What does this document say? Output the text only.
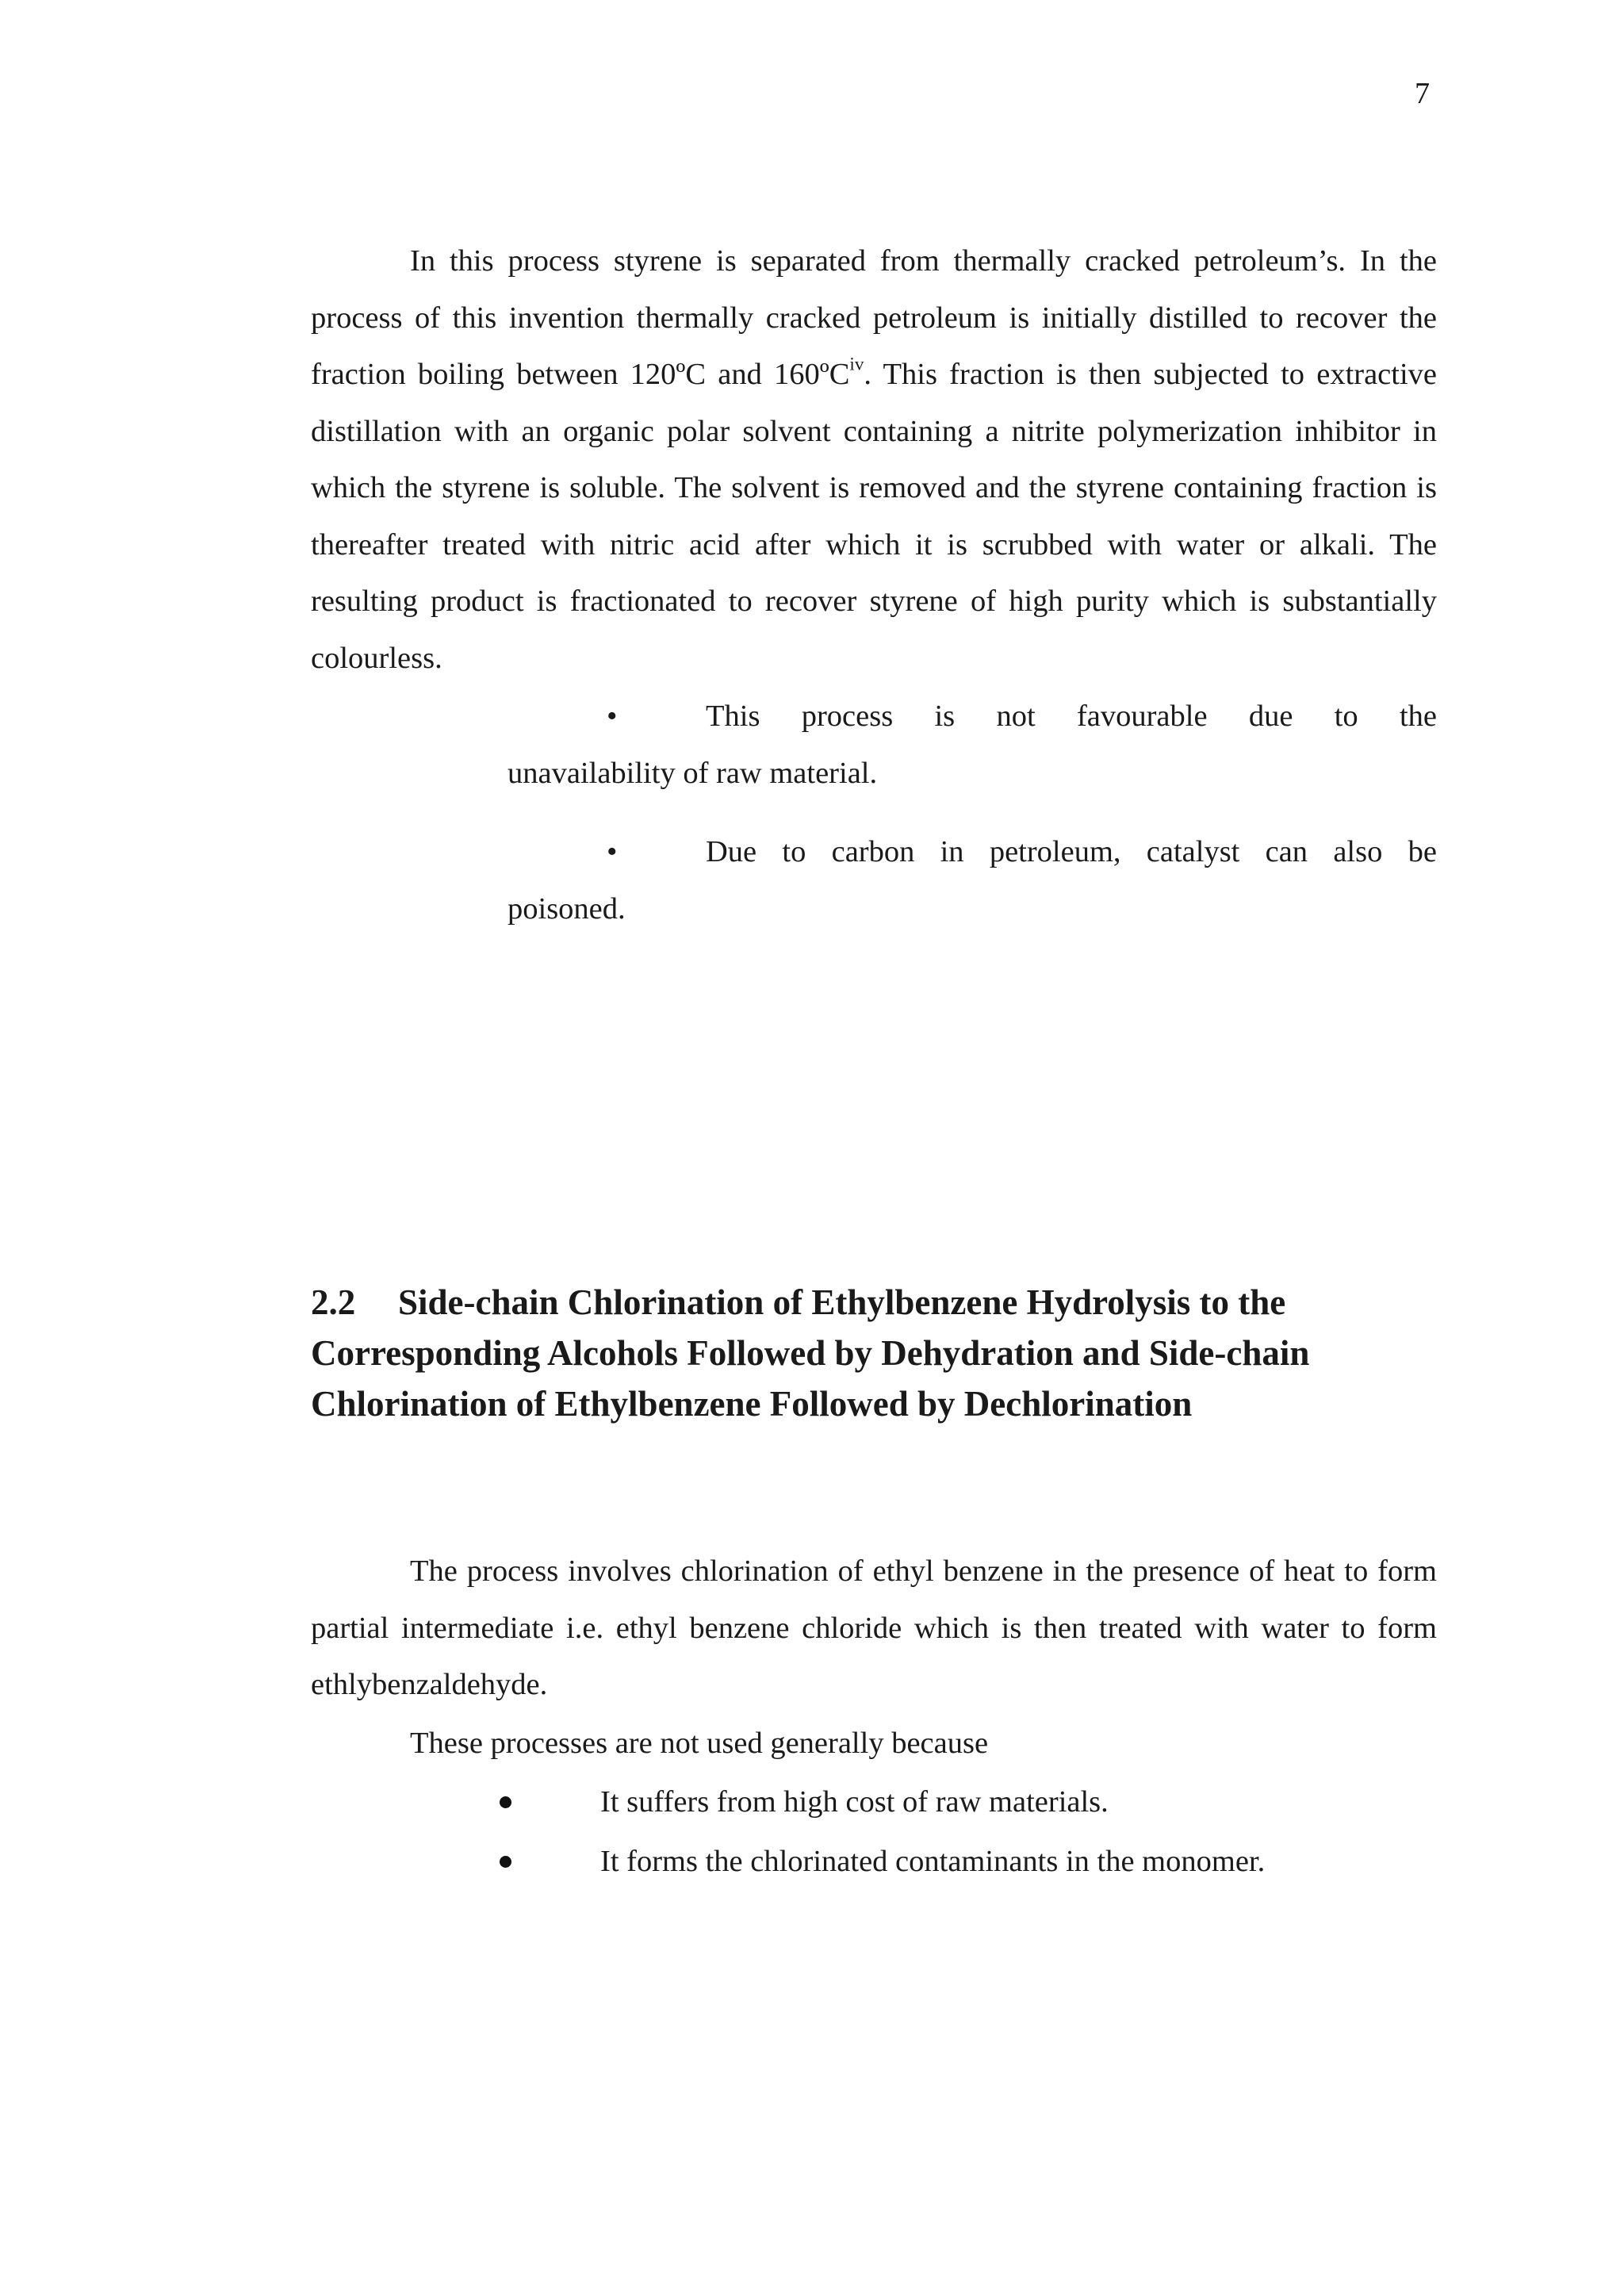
7

In this process styrene is separated from thermally cracked petroleum’s. In the process of this invention thermally cracked petroleum is initially distilled to recover the fraction boiling between 120ºC and 160ºC$^{iv}$. This fraction is then subjected to extractive distillation with an organic polar solvent containing a nitrite polymerization inhibitor in which the styrene is soluble. The solvent is removed and the styrene containing fraction is thereafter treated with nitric acid after which it is scrubbed with water or alkali. The resulting product is fractionated to recover styrene of high purity which is substantially colourless.

•	This process is not favourable due to the
unavailability of raw material.
•	Due to carbon in petroleum, catalyst can also be
poisoned.
2.2 Side-chain Chlorination of Ethylbenzene Hydrolysis to the Corresponding Alcohols Followed by Dehydration and Side-chain Chlorination of Ethylbenzene Followed by Dechlorination

The process involves chlorination of ethyl benzene in the presence of heat to form partial intermediate i.e. ethyl benzene chloride which is then treated with water to form ethlybenzaldehyde.

These processes are not used generally because

It suffers from high cost of raw materials.
It forms the chlorinated contaminants in the monomer.
